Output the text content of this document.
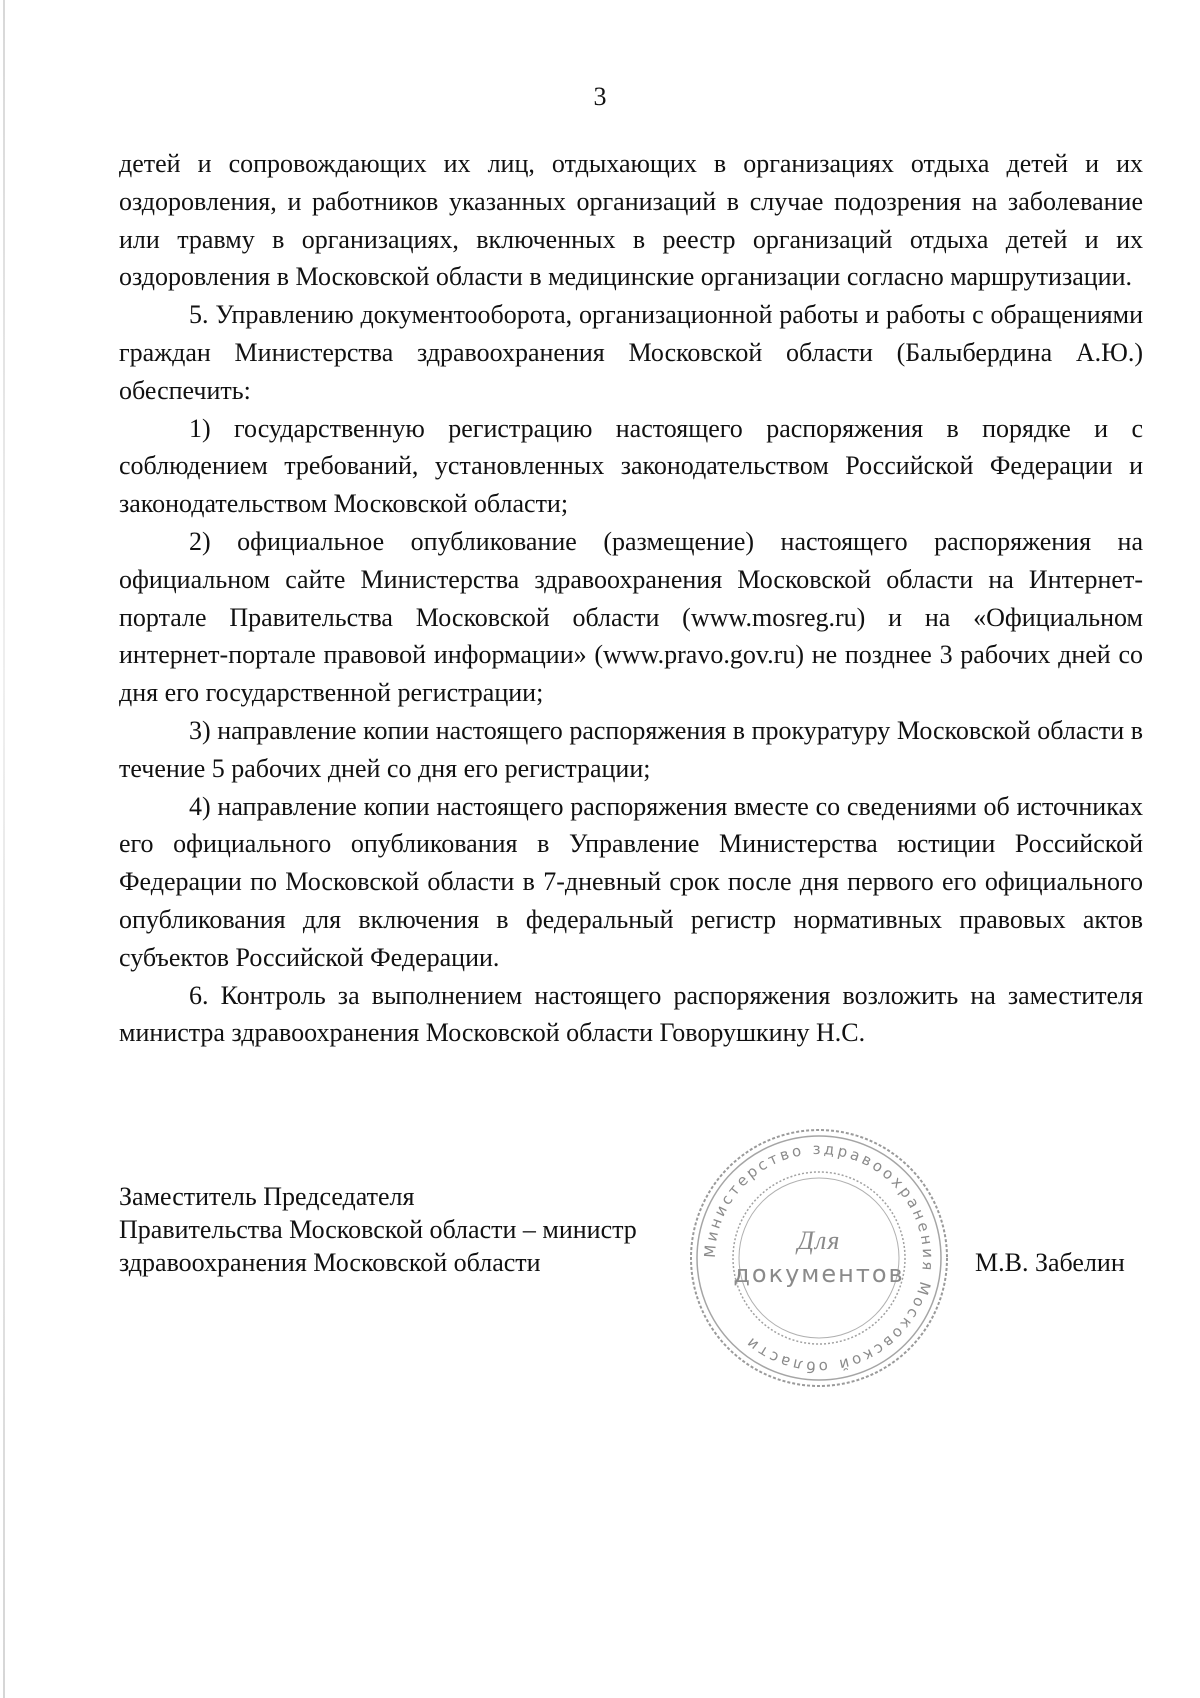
3

детей и сопровождающих их лиц, отдыхающих в организациях отдыха детей и их оздоровления, и работников указанных организаций в случае подозрения на заболевание или травму в организациях, включенных в реестр организаций отдыха детей и их оздоровления в Московской области в медицинские организации согласно маршрутизации.

5. Управлению документооборота, организационной работы и работы с обращениями граждан Министерства здравоохранения Московской области (Балыбердина А.Ю.) обеспечить:

1) государственную регистрацию настоящего распоряжения в порядке и с соблюдением требований, установленных законодательством Российской Федерации и законодательством Московской области;

2) официальное опубликование (размещение) настоящего распоряжения на официальном сайте Министерства здравоохранения Московской области на Интернет-портале Правительства Московской области (www.mosreg.ru) и на «Официальном интернет-портале правовой информации» (www.pravo.gov.ru) не позднее 3 рабочих дней со дня его государственной регистрации;

3) направление копии настоящего распоряжения в прокуратуру Московской области в течение 5 рабочих дней со дня его регистрации;

4) направление копии настоящего распоряжения вместе со сведениями об источниках его официального опубликования в Управление Министерства юстиции Российской Федерации по Московской области в 7-дневный срок после дня первого его официального опубликования для включения в федеральный регистр нормативных правовых актов субъектов Российской Федерации.

6. Контроль за выполнением настоящего распоряжения возложить на заместителя министра здравоохранения Московской области Говорушкину Н.С.

Заместитель Председателя
Правительства Московской области – министр
здравоохранения Московской области	Министерство здравоохранения Московской области
Для
документов	М.В. Забелин
